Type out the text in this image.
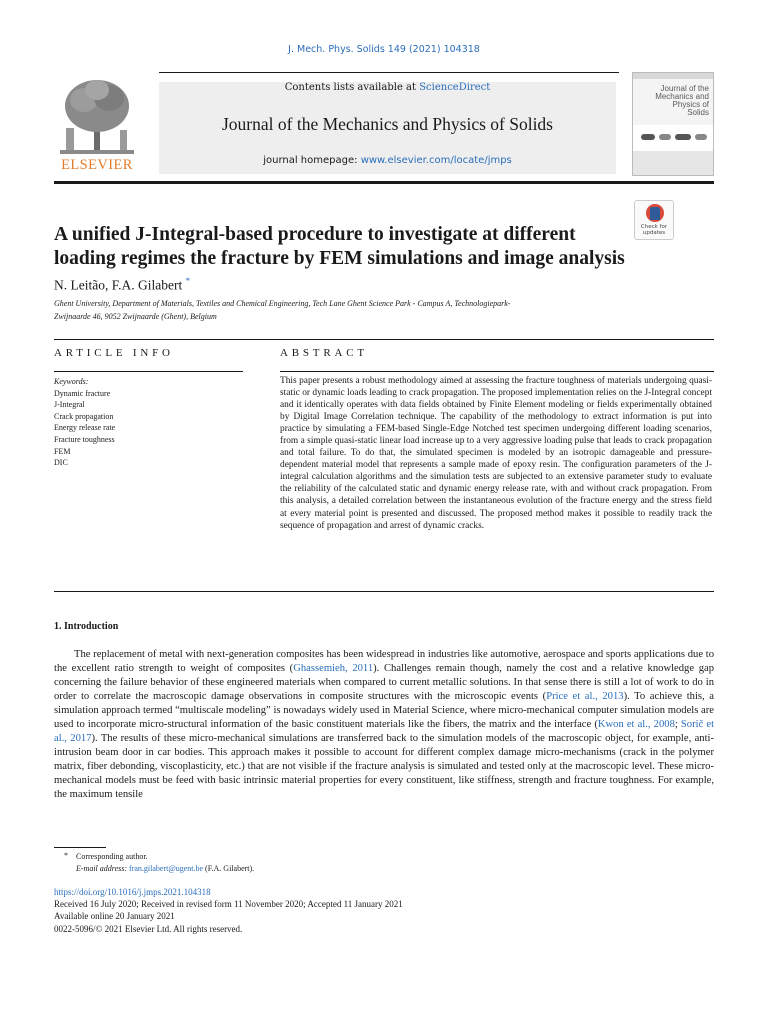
J. Mech. Phys. Solids 149 (2021) 104318
ELSEVIER
Contents lists available at ScienceDirect
Journal of the Mechanics and Physics of Solids
journal homepage: www.elsevier.com/locate/jmps
Journal of the Mechanics and Physics of Solids
Check for
updates
A unified J-Integral-based procedure to investigate at different loading regimes the fracture by FEM simulations and image analysis
N. Leitão, F.A. Gilabert *
Ghent University, Department of Materials, Textiles and Chemical Engineering, Tech Lane Ghent Science Park - Campus A, Technologiepark-Zwijnaarde 46, 9052 Zwijnaarde (Ghent), Belgium
ARTICLE INFO	ABSTRACT
Keywords:
Dynamic fracture
J-Integral
Crack propagation
Energy release rate
Fracture toughness
FEM
DIC

This paper presents a robust methodology aimed at assessing the fracture toughness of materials undergoing quasi-static or dynamic loads leading to crack propagation. The proposed implementation relies on the J-Integral concept and it identically operates with data fields obtained by Finite Element modeling or fields experimentally obtained by Digital Image Correlation technique. The capability of the methodology to extract information is put into practice by simulating a FEM-based Single-Edge Notched test specimen undergoing different loading scenarios, from a simple quasi-static linear load increase up to a very aggressive loading pulse that leads to crack propagation and total failure. To do that, the simulated specimen is modeled by an isotropic damageable and pressure-dependent material model that represents a sample made of epoxy resin. The configuration parameters of the J-integral calculation algorithms and the simulation tests are subjected to an extensive parameter study to evaluate the reliability of the calculated static and dynamic energy release rate, with and without crack propagation. From this analysis, a detailed correlation between the instantaneous evolution of the fracture energy and the stress field at every material point is presented and discussed. The proposed method makes it possible to readily track the sequence of propagation and arrest of dynamic cracks.

1. Introduction

The replacement of metal with next-generation composites has been widespread in industries like automotive, aerospace and sports applications due to the excellent ratio strength to weight of composites (Ghassemieh, 2011). Challenges remain though, namely the cost and a relative knowledge gap concerning the failure behavior of these engineered materials when compared to current metallic solutions. In that sense there is still a lot of work to do in order to correlate the macroscopic damage observations in composite structures with the microscopic events (Price et al., 2013). To achieve this, a simulation approach termed “multiscale modeling” is nowadays widely used in Material Science, where micro-mechanical computer simulation models are used to incorporate micro-structural information of the basic constituent materials like the fibers, the matrix and the interface (Kwon et al., 2008; Sorič et al., 2017). The results of these micro-mechanical simulations are transferred back to the simulation models of the macroscopic object, for example, anti-intrusion beam door in car bodies. This approach makes it possible to account for different complex damage micro-mechanisms (crack in the polymer matrix, fiber debonding, viscoplasticity, etc.) that are not visible if the fracture analysis is simulated and tested only at the macroscopic level. These micro-mechanical models must be feed with basic intrinsic material properties for every constituent, like stiffness, strength and fracture toughness. For example, the maximum tensile

* Corresponding author.
E-mail address: fran.gilabert@ugent.be (F.A. Gilabert).
https://doi.org/10.1016/j.jmps.2021.104318
Received 16 July 2020; Received in revised form 11 November 2020; Accepted 11 January 2021
Available online 20 January 2021
0022-5096/© 2021 Elsevier Ltd. All rights reserved.
